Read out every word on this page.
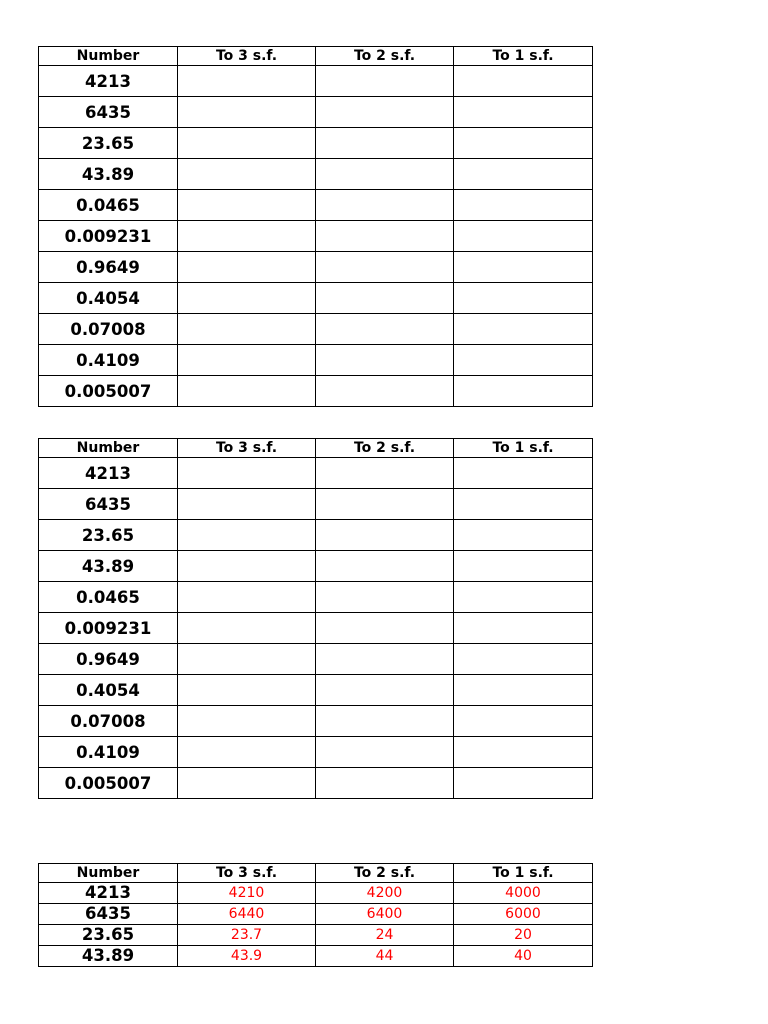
Number	To 3 s.f.	To 2 s.f.	To 1 s.f.
4213			
6435			
23.65			
43.89			
0.0465			
0.009231			
0.9649			
0.4054			
0.07008			
0.4109			
0.005007			
Number	To 3 s.f.	To 2 s.f.	To 1 s.f.
4213			
6435			
23.65			
43.89			
0.0465			
0.009231			
0.9649			
0.4054			
0.07008			
0.4109			
0.005007			
Number	To 3 s.f.	To 2 s.f.	To 1 s.f.
4213	4210	4200	4000
6435	6440	6400	6000
23.65	23.7	24	20
43.89	43.9	44	40
